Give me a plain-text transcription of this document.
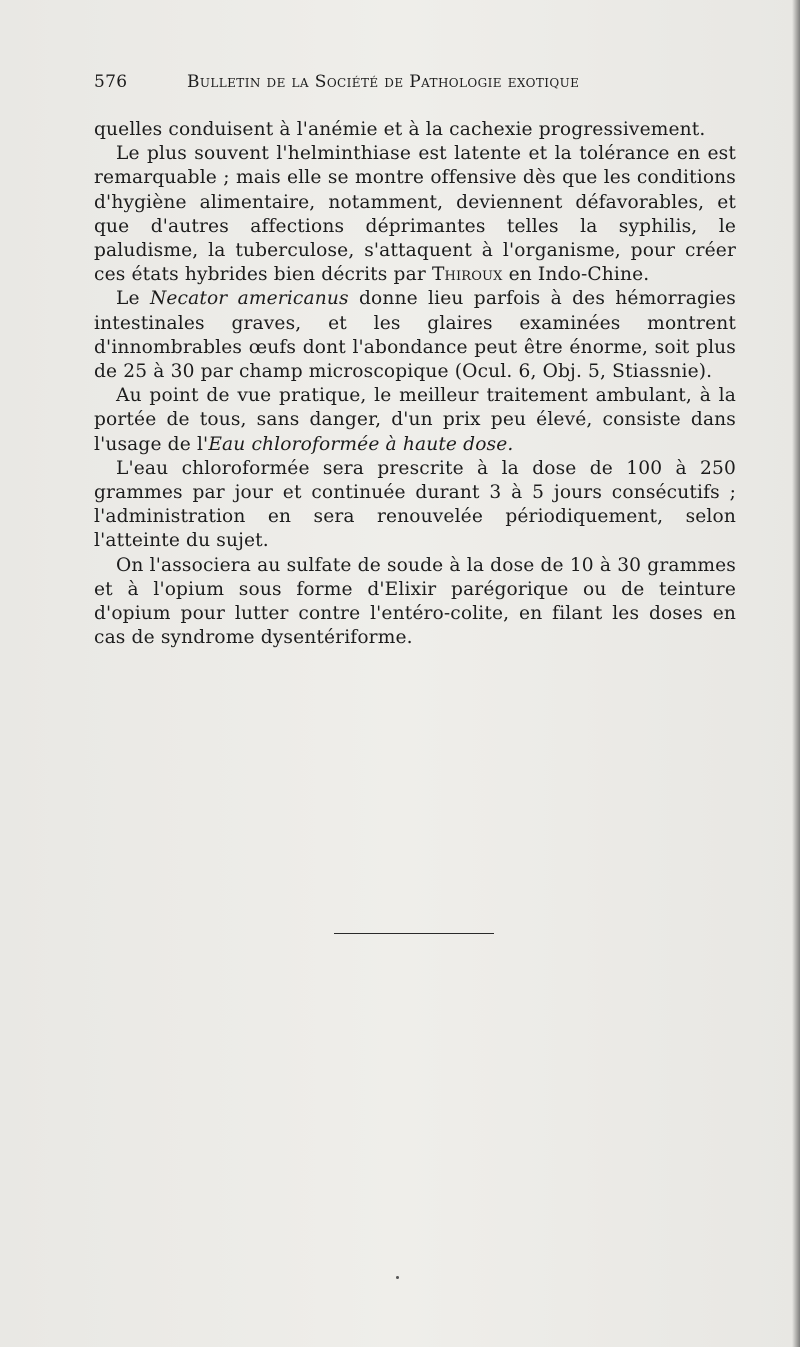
576	Bulletin de la Société de Pathologie exotique

quelles conduisent à l'anémie et à la cachexie progressivement.

Le plus souvent l'helminthiase est latente et la tolérance en est remarquable ; mais elle se montre offensive dès que les conditions d'hygiène alimentaire, notamment, deviennent défavorables, et que d'autres affections déprimantes telles la syphilis, le paludisme, la tuberculose, s'attaquent à l'organisme, pour créer ces états hybrides bien décrits par Thiroux en Indo-Chine.

Le Necator americanus donne lieu parfois à des hémorragies intestinales graves, et les glaires examinées montrent d'innombrables œufs dont l'abondance peut être énorme, soit plus de 25 à 30 par champ microscopique (Ocul. 6, Obj. 5, Stiassnie).

Au point de vue pratique, le meilleur traitement ambulant, à la portée de tous, sans danger, d'un prix peu élevé, consiste dans l'usage de l'Eau chloroformée à haute dose.

L'eau chloroformée sera prescrite à la dose de 100 à 250 grammes par jour et continuée durant 3 à 5 jours consécutifs ; l'administration en sera renouvelée périodiquement, selon l'atteinte du sujet.

On l'associera au sulfate de soude à la dose de 10 à 30 grammes et à l'opium sous forme d'Elixir parégorique ou de teinture d'opium pour lutter contre l'entéro-colite, en filant les doses en cas de syndrome dysentériforme.
